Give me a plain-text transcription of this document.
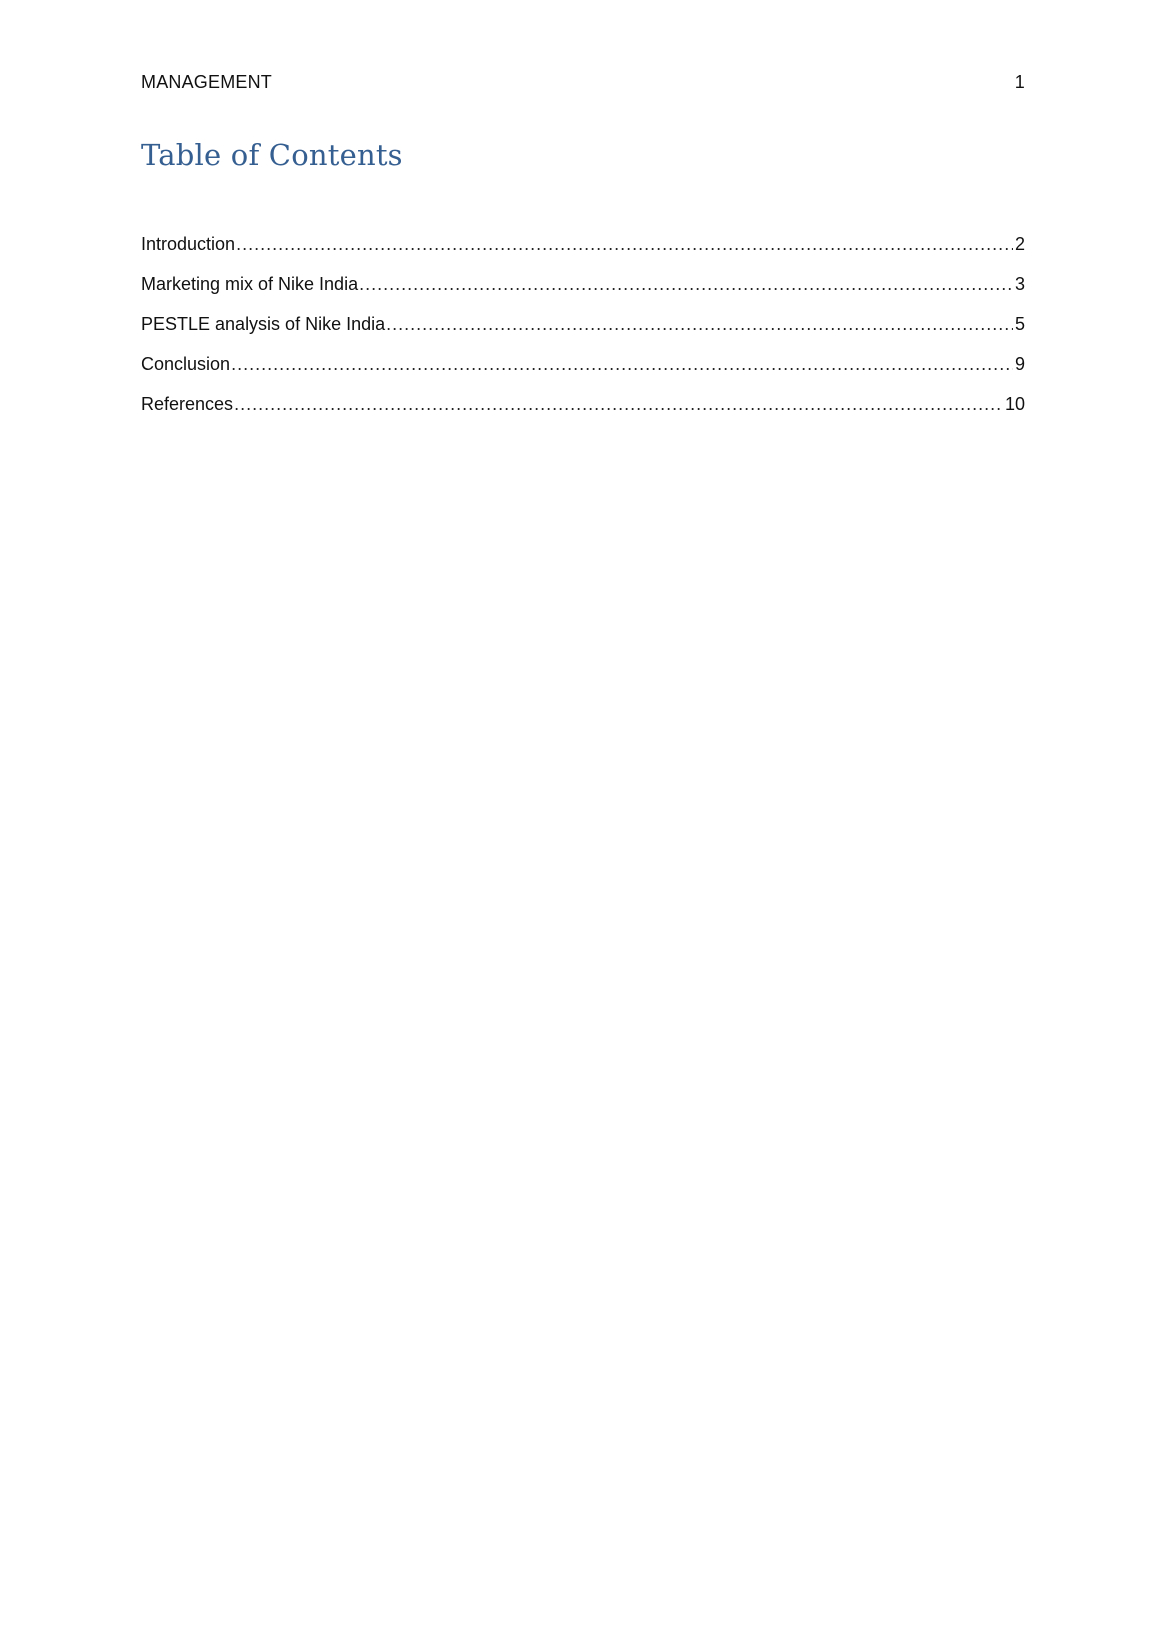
MANAGEMENT	1
Table of Contents
Introduction .....	2
Marketing mix of Nike India .....	3
PESTLE analysis of Nike India .....	5
Conclusion .....	9
References .....	10
